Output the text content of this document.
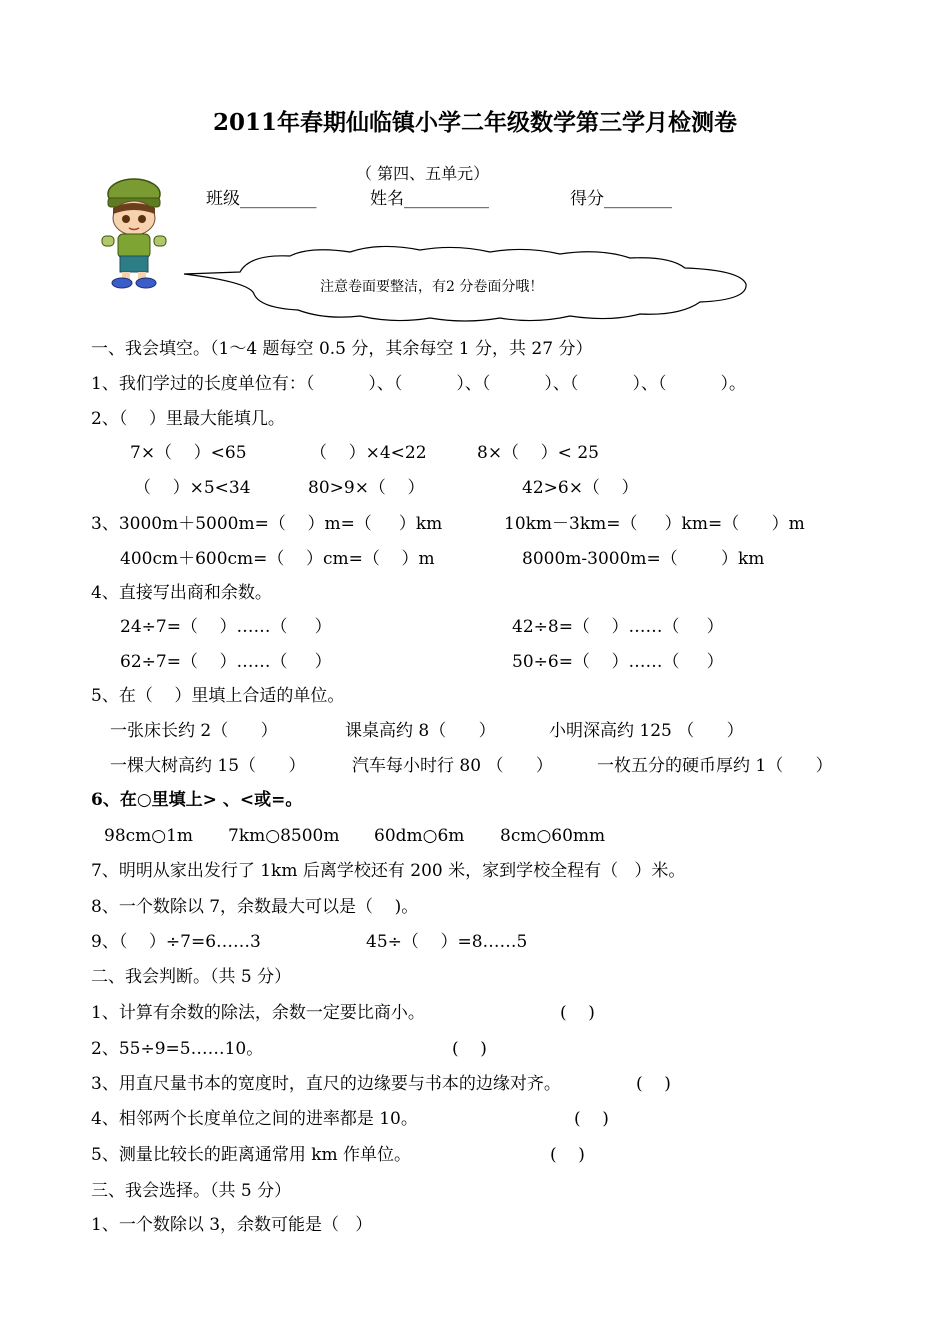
2011年春期仙临镇小学二年级数学第三学月检测卷
（ 第四、五单元）
班级_________	姓名__________	得分________
注意卷面要整洁，有2 分卷面分哦！
一、我会填空。（1～4 题每空 0.5 分，其余每空 1 分，共 27 分）
1、我们学过的长度单位有：（          ）、（          ）、（          ）、（          ）、（          ）。
2、（    ）里最大能填几。
7×（    ）<65	（    ）×4<22	8×（    ）< 25
（    ）×5<34	80>9×（    ）	42>6×（    ）
3、3000m＋5000m=（    ）m=（     ）km	10km－3km=（     ）km=（      ）m
400cm＋600cm=（    ）cm=（    ）m	8000m-3000m=（        ）km
4、直接写出商和余数。
24÷7=（    ）……（     ）	42÷8=（    ）……（     ）
62÷7=（    ）……（     ）	50÷6=（    ）……（     ）
5、在（    ）里填上合适的单位。
一张床长约 2（      ）	课桌高约 8（      ）	小明深高约 125 （      ）
一棵大树高约 15（      ）	汽车每小时行 80 （      ）	一枚五分的硬币厚约 1（      ）
6、在○里填上> 、<或=。
98cm○1m 7km○8500m 60dm○6m 8cm○60mm
7、明明从家出发行了 1km 后离学校还有 200 米，家到学校全程有（   ）米。
8、一个数除以 7，余数最大可以是（    )。
9、（    ）÷7=6……3	45÷（    ）=8……5
二、我会判断。（共 5 分）
1、计算有余数的除法，余数一定要比商小。	(    )
2、55÷9=5……10。	(    )
3、用直尺量书本的宽度时，直尺的边缘要与书本的边缘对齐。	(    )
4、相邻两个长度单位之间的进率都是 10。	(    )
5、测量比较长的距离通常用 km 作单位。	(    )
三、我会选择。（共 5 分）
1、一个数除以 3，余数可能是（   ）
